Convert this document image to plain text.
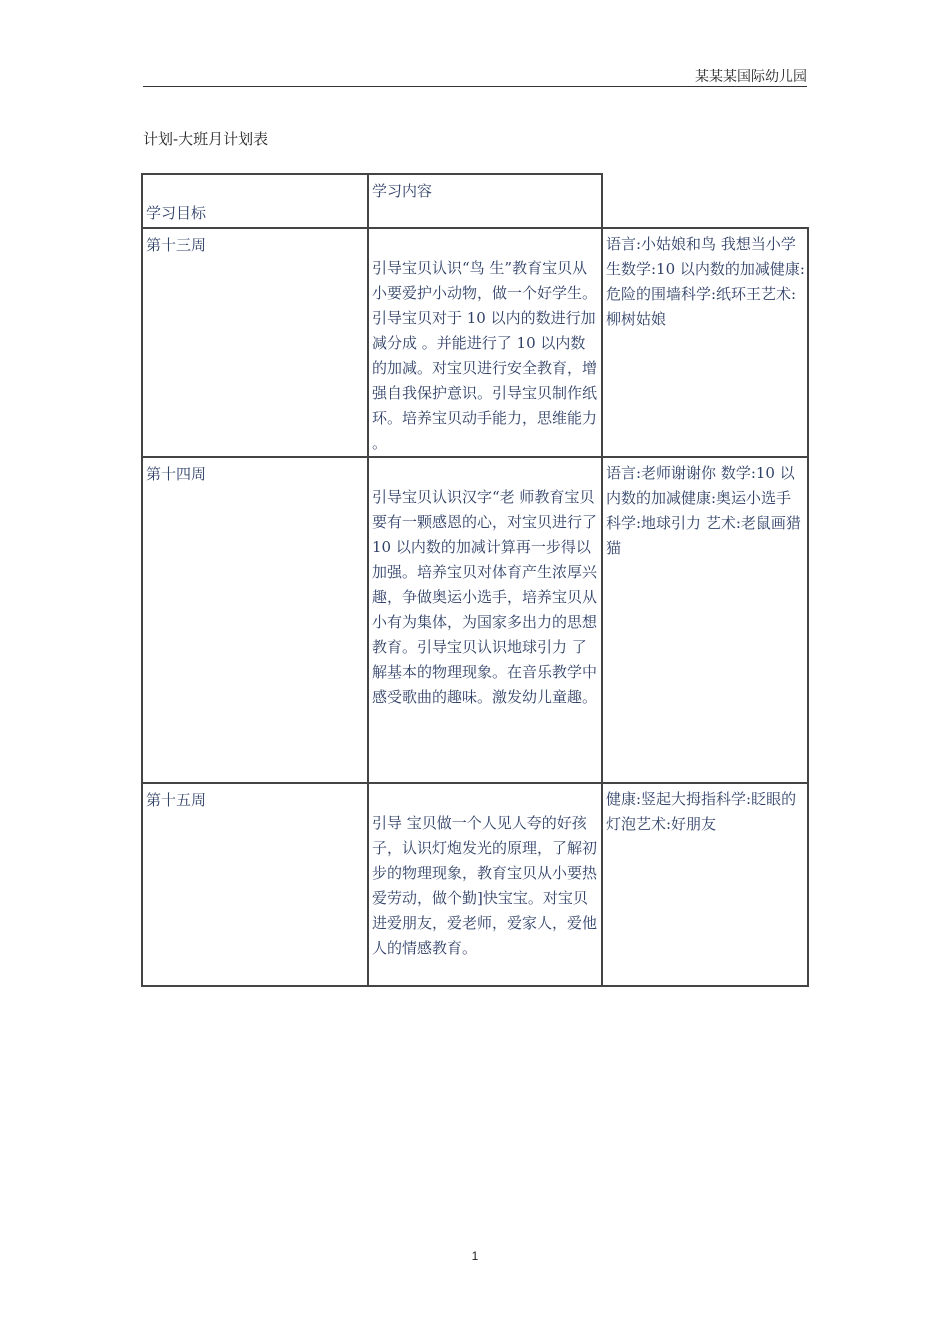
某某某国际幼儿园
计划-大班月计划表
学习目标	学习内容	

第十三周	引导宝贝认识“鸟 生”教育宝贝从小要爱护小动物，做一个好学生。引导宝贝对于 10 以内的数进行加减分成 。并能进行了 10 以内数的加减。对宝贝进行安全教育，增强自我保护意识。引导宝贝制作纸环。培养宝贝动手能力，思维能力 。	语言:小姑娘和鸟 我想当小学生数学:10 以内数的加减健康:危险的围墙科学:纸环王艺术:柳树姑娘

第十四周	引导宝贝认识汉字“老 师教育宝贝要有一颗感恩的心，对宝贝进行了 10 以内数的加减计算再一步得以加强。培养宝贝对体育产生浓厚兴趣，争做奥运小选手，培养宝贝从小有为集体，为国家多出力的思想教育。引导宝贝认识地球引力 了解基本的物理现象。在音乐教学中感受歌曲的趣味。激发幼儿童趣。	语言:老师谢谢你 数学:10 以内数的加减健康:奥运小选手科学:地球引力 艺术:老鼠画猎猫

第十五周	引导 宝贝做一个人见人夸的好孩子，认识灯炮发光的原理，了解初步的物理现象，教育宝贝从小要热爱劳动，做个勤]快宝宝。对宝贝进爱朋友，爱老师，爱家人，爱他人的情感教育。	健康:竖起大拇指科学:眨眼的灯泡艺术:好朋友
1
